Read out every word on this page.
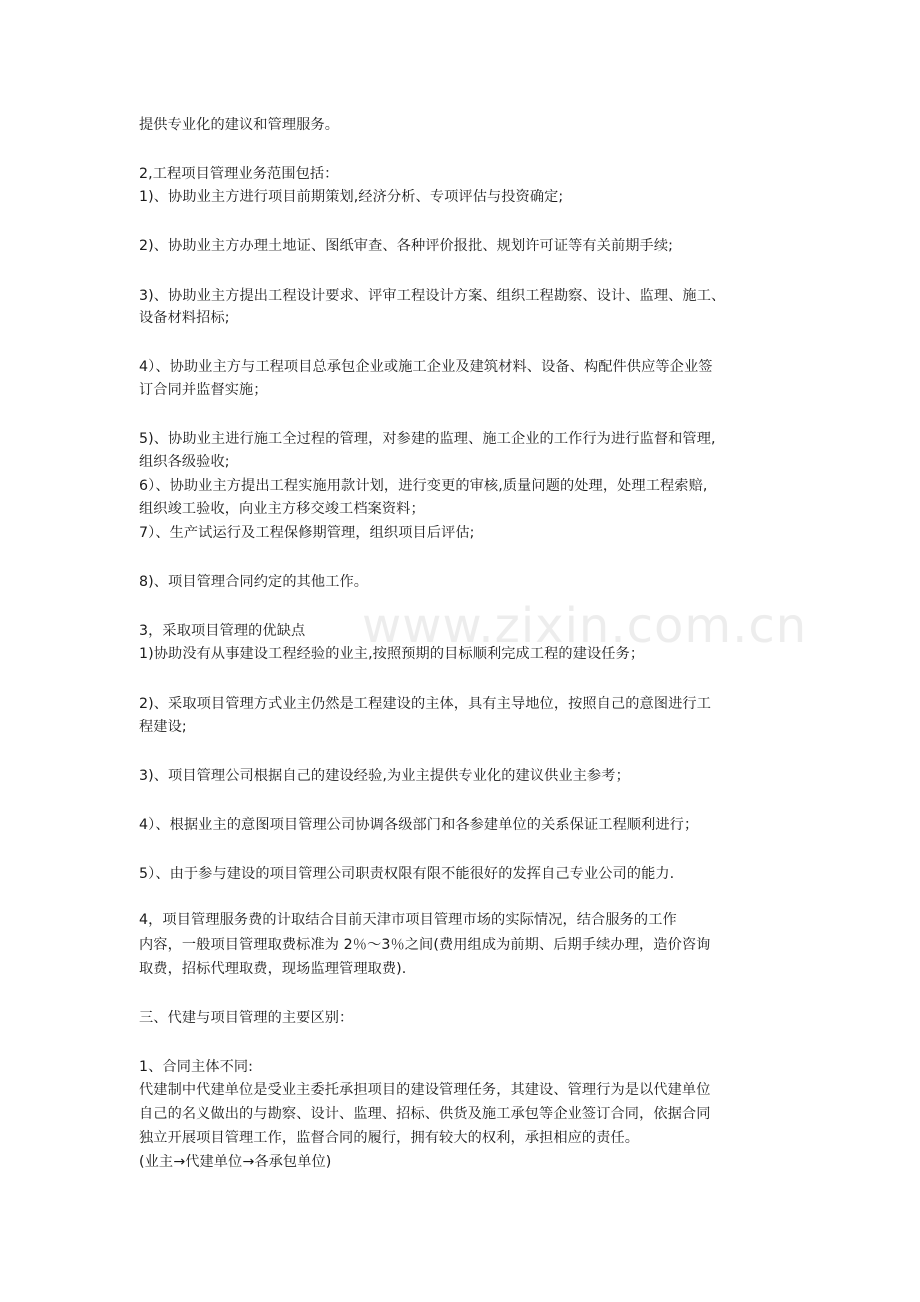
提供专业化的建议和管理服务。
2,工程项目管理业务范围包括：
1)、协助业主方进行项目前期策划,经济分析、专项评估与投资确定;
2)、协助业主方办理土地证、图纸审查、各种评价报批、规划许可证等有关前期手续;
3)、协助业主方提出工程设计要求、评审工程设计方案、组织工程勘察、设计、监理、施工、
设备材料招标;
4）、协助业主方与工程项目总承包企业或施工企业及建筑材料、设备、构配件供应等企业签
订合同并监督实施；
5)、协助业主进行施工全过程的管理，对参建的监理、施工企业的工作行为进行监督和管理,
组织各级验收;
6）、协助业主方提出工程实施用款计划，进行变更的审核,质量问题的处理，处理工程索赔,
组织竣工验收，向业主方移交竣工档案资料；
7）、生产试运行及工程保修期管理，组织项目后评估;
8)、项目管理合同约定的其他工作。
3，采取项目管理的优缺点
1)协助没有从事建设工程经验的业主,按照预期的目标顺利完成工程的建设任务；
2)、采取项目管理方式业主仍然是工程建设的主体，具有主导地位，按照自己的意图进行工
程建设;
3)、项目管理公司根据自己的建设经验,为业主提供专业化的建议供业主参考；
4）、根据业主的意图项目管理公司协调各级部门和各参建单位的关系保证工程顺利进行；
5）、由于参与建设的项目管理公司职责权限有限不能很好的发挥自己专业公司的能力.
4，项目管理服务费的计取结合目前天津市项目管理市场的实际情况，结合服务的工作
内容，一般项目管理取费标准为 2％～3％之间(费用组成为前期、后期手续办理，造价咨询
取费，招标代理取费，现场监理管理取费).
三、代建与项目管理的主要区别：
1、合同主体不同:
代建制中代建单位是受业主委托承担项目的建设管理任务，其建设、管理行为是以代建单位
自己的名义做出的与勘察、设计、监理、招标、供货及施工承包等企业签订合同，依据合同
独立开展项目管理工作，监督合同的履行，拥有较大的权利，承担相应的责任。
(业主→代建单位→各承包单位)
www.zixin.com.cn
